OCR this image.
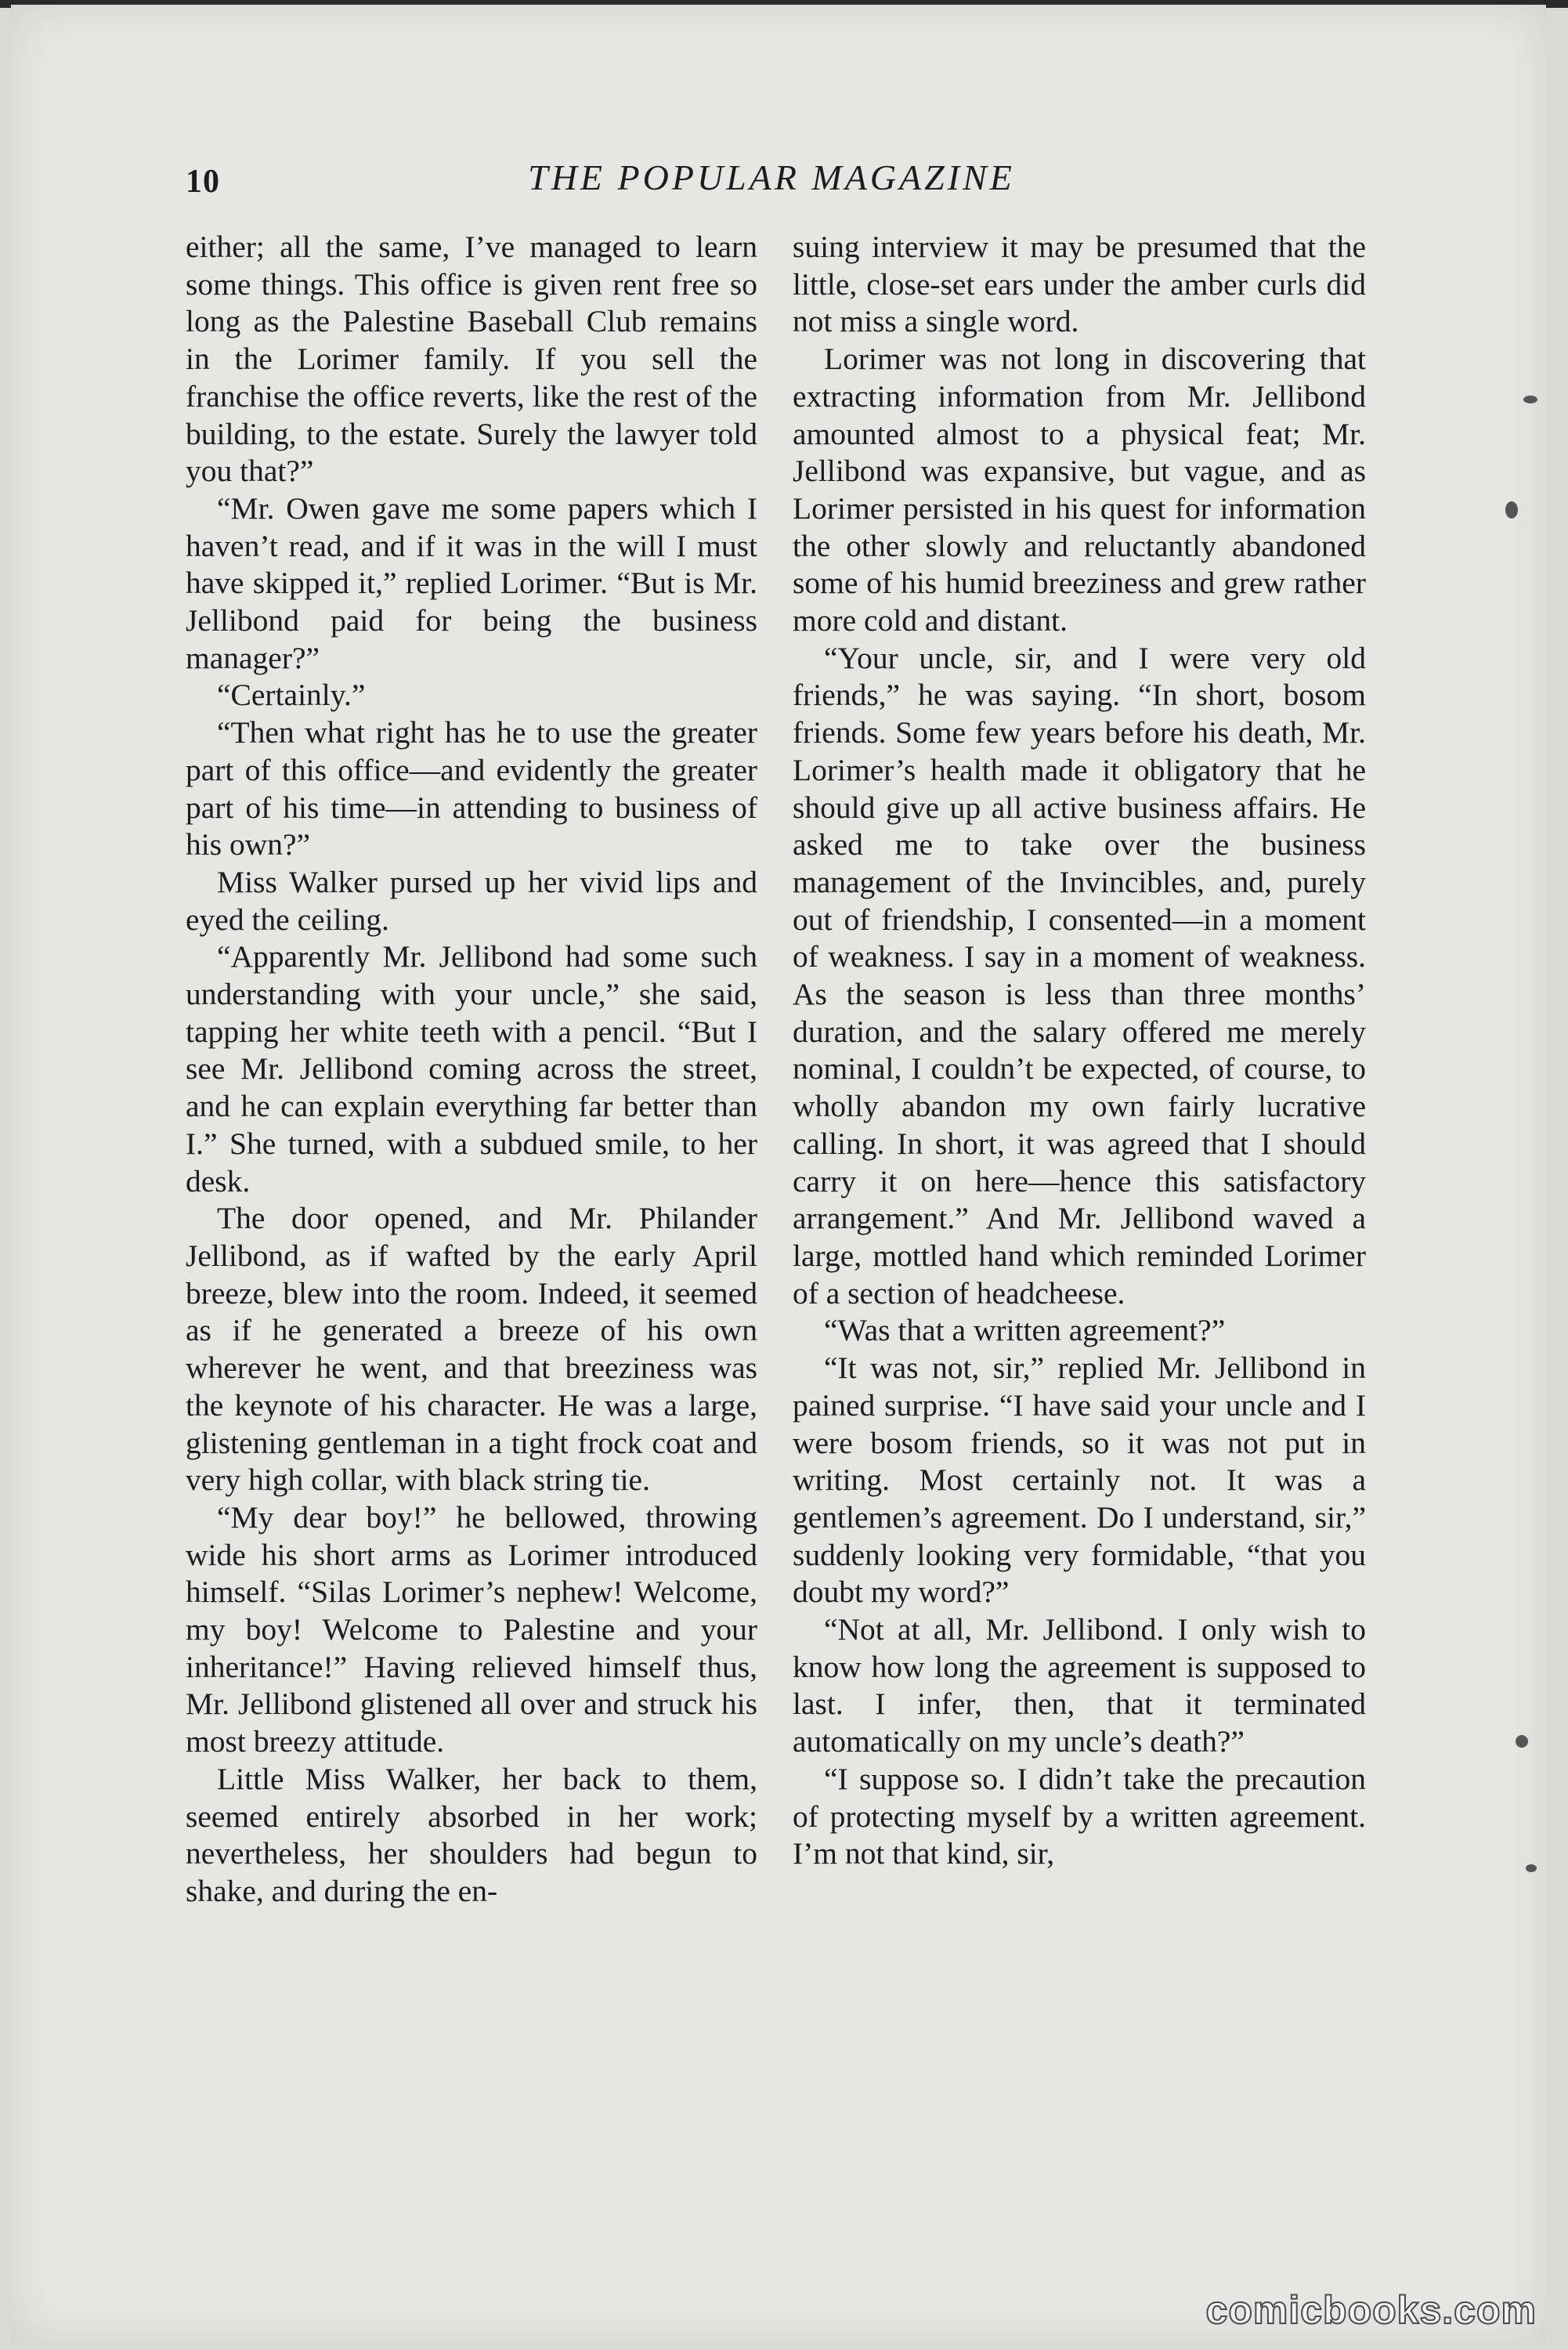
10	THE POPULAR MAGAZINE

either; all the same, I’ve managed to learn some things. This office is given rent free so long as the Palestine Baseball Club remains in the Lorimer family. If you sell the franchise the office reverts, like the rest of the building, to the estate. Surely the lawyer told you that?”

“Mr. Owen gave me some papers which I haven’t read, and if it was in the will I must have skipped it,” replied Lorimer. “But is Mr. Jellibond paid for being the business manager?”

“Certainly.”

“Then what right has he to use the greater part of this office—and evidently the greater part of his time—in attending to business of his own?”

Miss Walker pursed up her vivid lips and eyed the ceiling.

“Apparently Mr. Jellibond had some such understanding with your uncle,” she said, tapping her white teeth with a pencil. “But I see Mr. Jellibond coming across the street, and he can explain everything far better than I.” She turned, with a subdued smile, to her desk.

The door opened, and Mr. Philander Jellibond, as if wafted by the early April breeze, blew into the room. Indeed, it seemed as if he generated a breeze of his own wherever he went, and that breeziness was the keynote of his character. He was a large, glistening gentleman in a tight frock coat and very high collar, with black string tie.

“My dear boy!” he bellowed, throwing wide his short arms as Lorimer introduced himself. “Silas Lorimer’s nephew! Welcome, my boy! Welcome to Palestine and your inheritance!” Having relieved himself thus, Mr. Jellibond glistened all over and struck his most breezy attitude.

Little Miss Walker, her back to them, seemed entirely absorbed in her work; nevertheless, her shoulders had begun to shake, and during the en-

suing interview it may be presumed that the little, close-set ears under the amber curls did not miss a single word.

Lorimer was not long in discovering that extracting information from Mr. Jellibond amounted almost to a physical feat; Mr. Jellibond was expansive, but vague, and as Lorimer persisted in his quest for information the other slowly and reluctantly abandoned some of his humid breeziness and grew rather more cold and distant.

“Your uncle, sir, and I were very old friends,” he was saying. “In short, bosom friends. Some few years before his death, Mr. Lorimer’s health made it obligatory that he should give up all active business affairs. He asked me to take over the business management of the Invincibles, and, purely out of friendship, I consented—in a moment of weakness. I say in a moment of weakness. As the season is less than three months’ duration, and the salary offered me merely nominal, I couldn’t be expected, of course, to wholly abandon my own fairly lucrative calling. In short, it was agreed that I should carry it on here—hence this satisfactory arrangement.” And Mr. Jellibond waved a large, mottled hand which reminded Lorimer of a section of headcheese.

“Was that a written agreement?”

“It was not, sir,” replied Mr. Jellibond in pained surprise. “I have said your uncle and I were bosom friends, so it was not put in writing. Most certainly not. It was a gentlemen’s agreement. Do I understand, sir,” suddenly looking very formidable, “that you doubt my word?”

“Not at all, Mr. Jellibond. I only wish to know how long the agreement is supposed to last. I infer, then, that it terminated automatically on my uncle’s death?”

“I suppose so. I didn’t take the precaution of protecting myself by a written agreement. I’m not that kind, sir,

comicbooks.com
